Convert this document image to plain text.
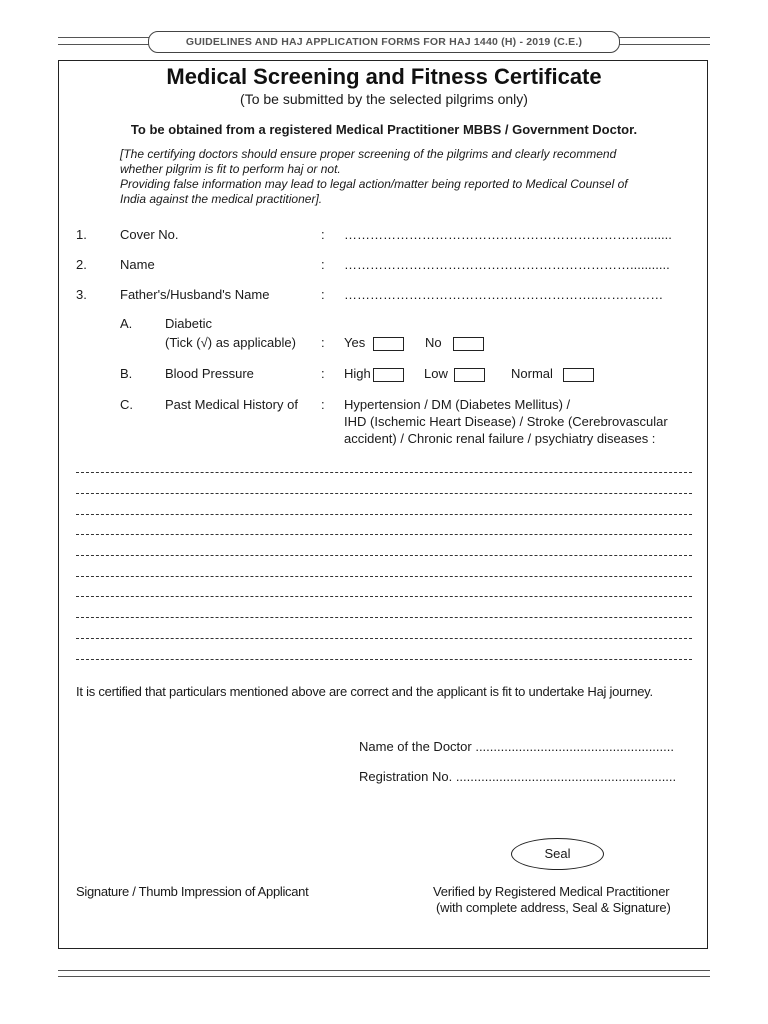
GUIDELINES AND HAJ APPLICATION FORMS FOR HAJ 1440 (H) - 2019 (C.E.)
Medical Screening and Fitness Certificate
(To be submitted by the selected pilgrims only)
To be obtained from a registered Medical Practitioner MBBS / Government Doctor.
[The certifying doctors should ensure proper screening of the pilgrims and clearly recommend
whether pilgrim is fit to perform haj or not.
Providing false information may lead to legal action/matter being reported to Medical Counsel of
India against the medical practitioner].
1.	Cover No.	: ……………………………………………………………........
2.	Name	: …………………………………………………………...........
3.	Father's/Husband's Name	: …………………………………………………..……………
A.	Diabetic
(Tick (√) as applicable) : Yes	No
B.	Blood Pressure	: High	Low	Normal
C. Past Medical History of : Hypertension / DM (Diabetes Mellitus) /
IHD (Ischemic Heart Disease) / Stroke (Cerebrovascular
accident) / Chronic renal failure / psychiatry diseases :
It is certified that particulars mentioned above are correct and the applicant is fit to undertake Haj journey.
Name of the Doctor .......................................................
Registration No. .............................................................
Seal
Signature / Thumb Impression of Applicant	Verified by Registered Medical Practitioner
(with complete address, Seal & Signature)
